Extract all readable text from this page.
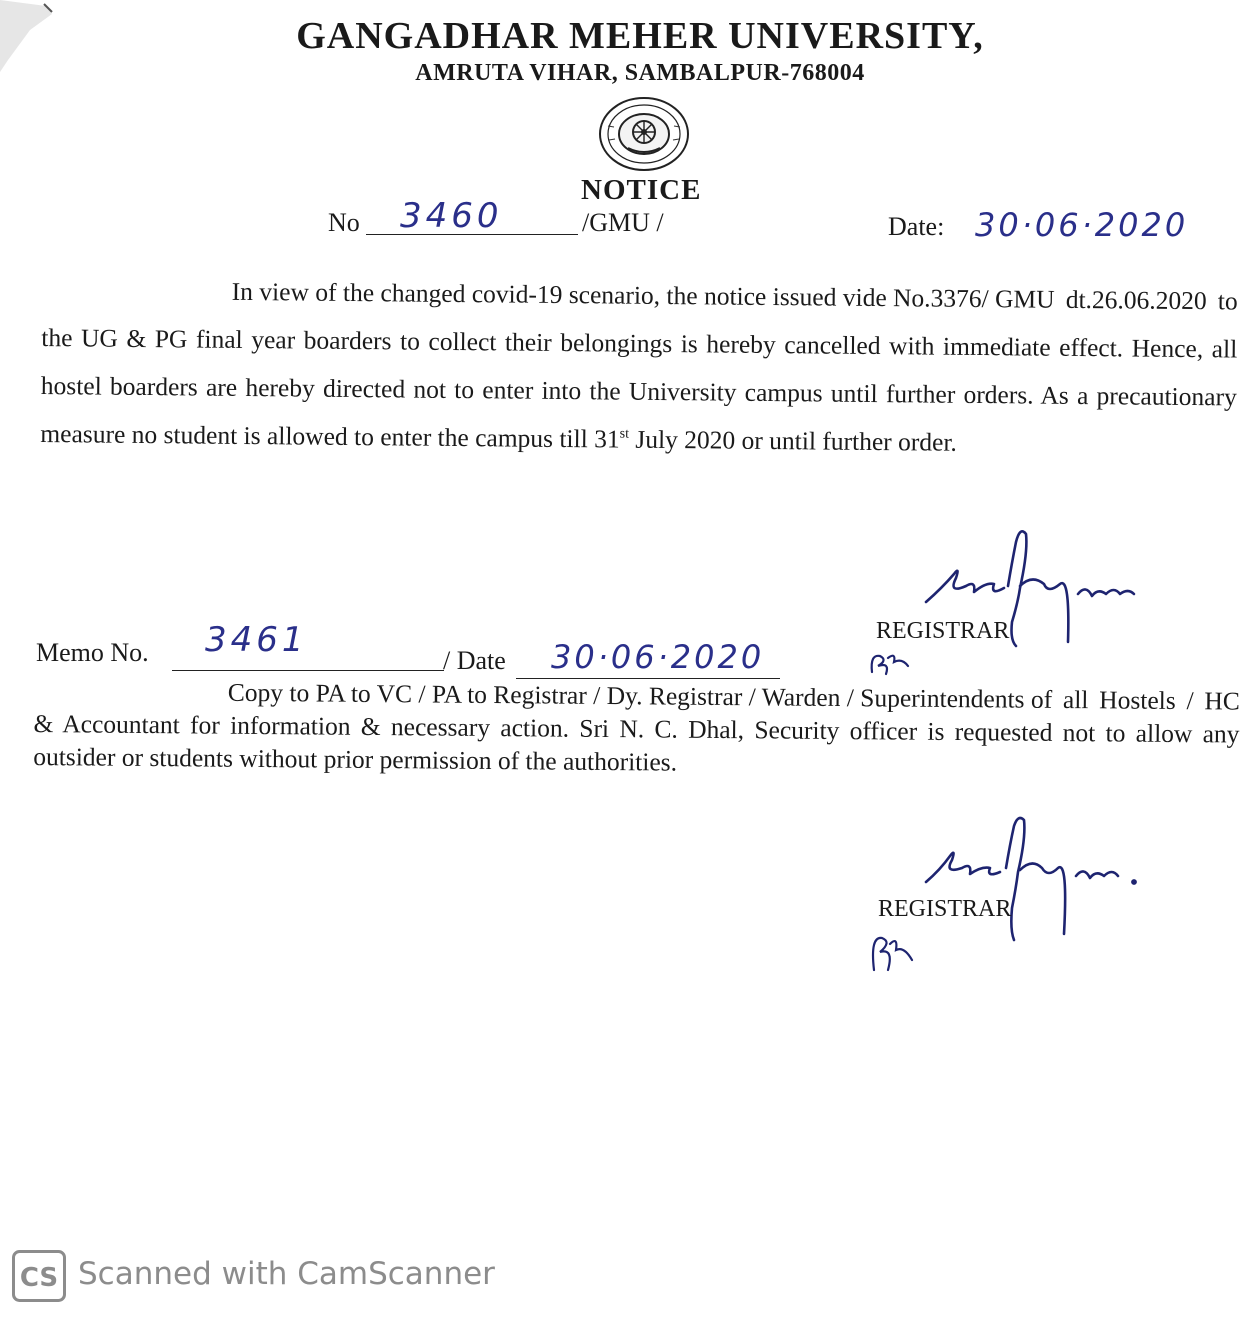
GANGADHAR MEHER UNIVERSITY,
AMRUTA VIHAR, SAMBALPUR-768004
NOTICE
No 3460	/GMU /	Date: 30·06·2020
In view of the changed covid-19 scenario, the notice issued vide No.3376/ GMU dt.26.06.2020 to the UG & PG final year boarders to collect their belongings is hereby cancelled with immediate effect. Hence, all hostel boarders are hereby directed not to enter into the University campus until further orders. As a precautionary measure no student is allowed to enter the campus till 31st July 2020 or until further order.
REGISTRAR
Memo No. 3461
/ Date 30·06·2020
Copy to PA to VC / PA to Registrar / Dy. Registrar / Warden / Superintendents of all Hostels / HC & Accountant for information & necessary action. Sri N. C. Dhal, Security officer is requested not to allow any outsider or students without prior permission of the authorities.
REGISTRAR
CS Scanned with CamScanner
